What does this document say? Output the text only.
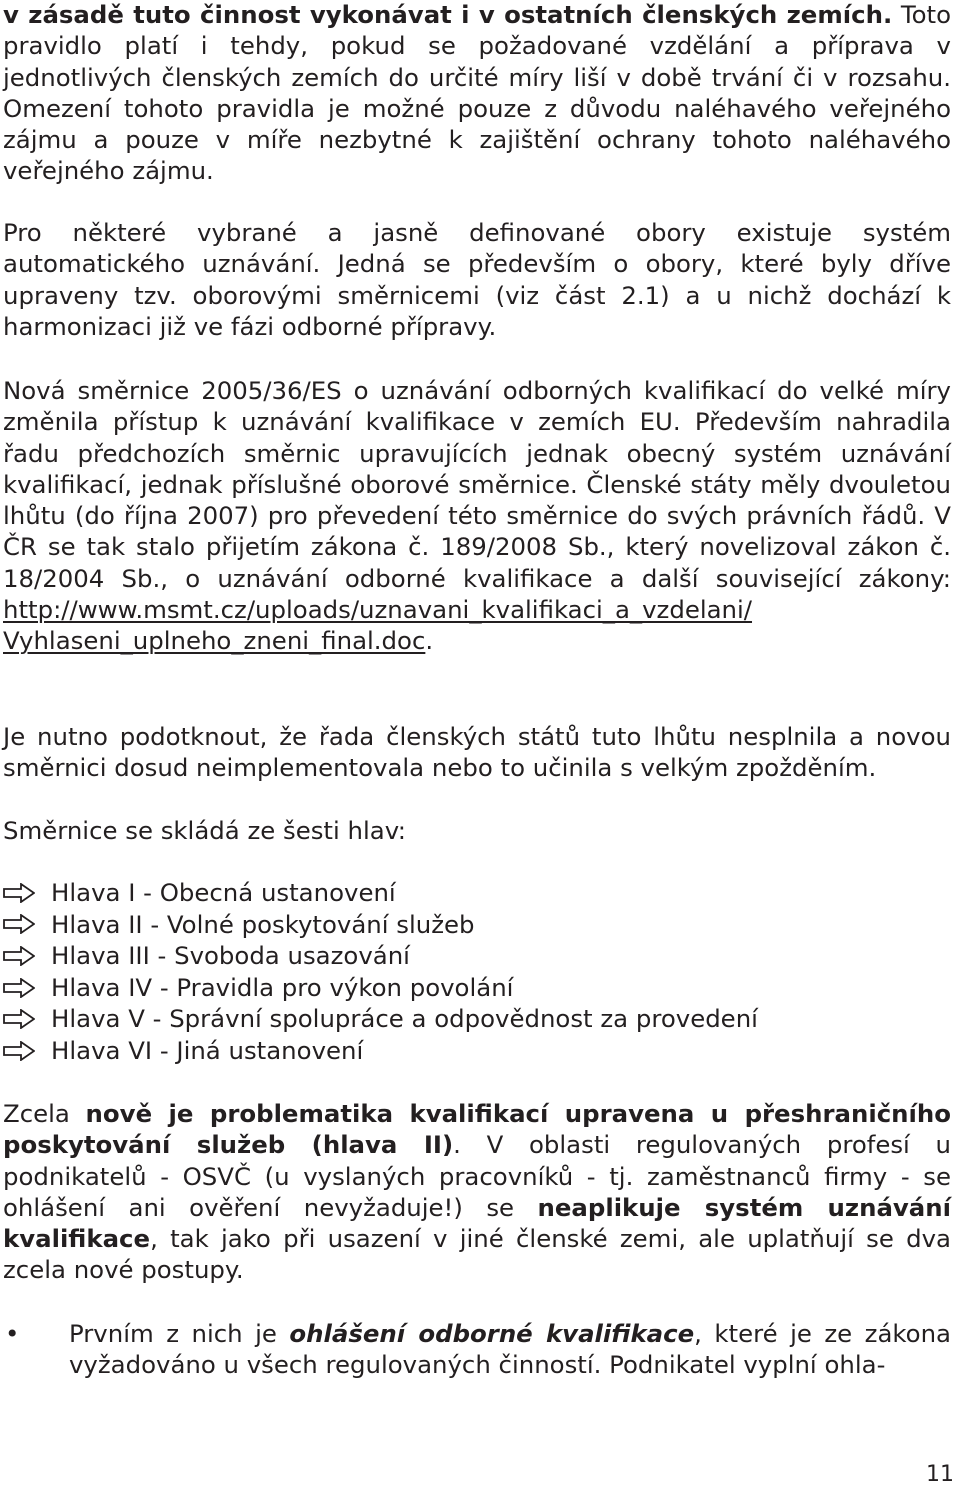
v zásadě tuto činnost vykonávat i v ostatních členských zemích. Toto pravidlo platí i tehdy, pokud se požadované vzdělání a příprava v jednotlivých členských zemích do určité míry liší v době trvání či v rozsahu. Omezení tohoto pravidla je možné pouze z důvodu naléhavého veřejného zájmu a pouze v míře nezbytné k zajištění ochrany tohoto naléhavého veřejného zájmu.

Pro některé vybrané a jasně definované obory existuje systém automatického uznávání. Jedná se především o obory, které byly dříve upraveny tzv. oborovými směrnicemi (viz část 2.1) a u nichž dochází k harmonizaci již ve fázi odborné přípravy.

Nová směrnice 2005/36/ES o uznávání odborných kvalifikací do velké míry změnila přístup k uznávání kvalifikace v zemích EU. Především nahradila řadu předchozích směrnic upravujících jednak obecný systém uznávání kvalifikací, jednak příslušné oborové směrnice. Členské státy měly dvouletou lhůtu (do října 2007) pro převedení této směrnice do svých právních řádů. V ČR se tak stalo přijetím zákona č. 189/2008 Sb., který novelizoval zákon č. 18/2004 Sb., o uznávání odborné kvalifikace a další související zákony: http://www.msmt.cz/uploads/uznavani_kvalifikaci_a_vzdelani/
Vyhlaseni_uplneho_zneni_final.doc.

Je nutno podotknout, že řada členských států tuto lhůtu nesplnila a novou směrnici dosud neimplementovala nebo to učinila s velkým zpožděním.

Směrnice se skládá ze šesti hlav:

Hlava I - Obecná ustanovení
Hlava II - Volné poskytování služeb
Hlava III - Svoboda usazování
Hlava IV - Pravidla pro výkon povolání
Hlava V - Správní spolupráce a odpovědnost za provedení
Hlava VI - Jiná ustanovení

Zcela nově je problematika kvalifikací upravena u přeshraničního poskytování služeb (hlava II). V oblasti regulovaných profesí u podnikatelů - OSVČ (u vyslaných pracovníků - tj. zaměstnanců firmy - se ohlášení ani ověření nevyžaduje!) se neaplikuje systém uznávání kvalifikace, tak jako při usazení v jiné členské zemi, ale uplatňují se dva zcela nové postupy.

•	Prvním z nich je ohlášení odborné kvalifikace, které je ze zákona vyžadováno u všech regulovaných činností. Podnikatel vyplní ohla-

11
